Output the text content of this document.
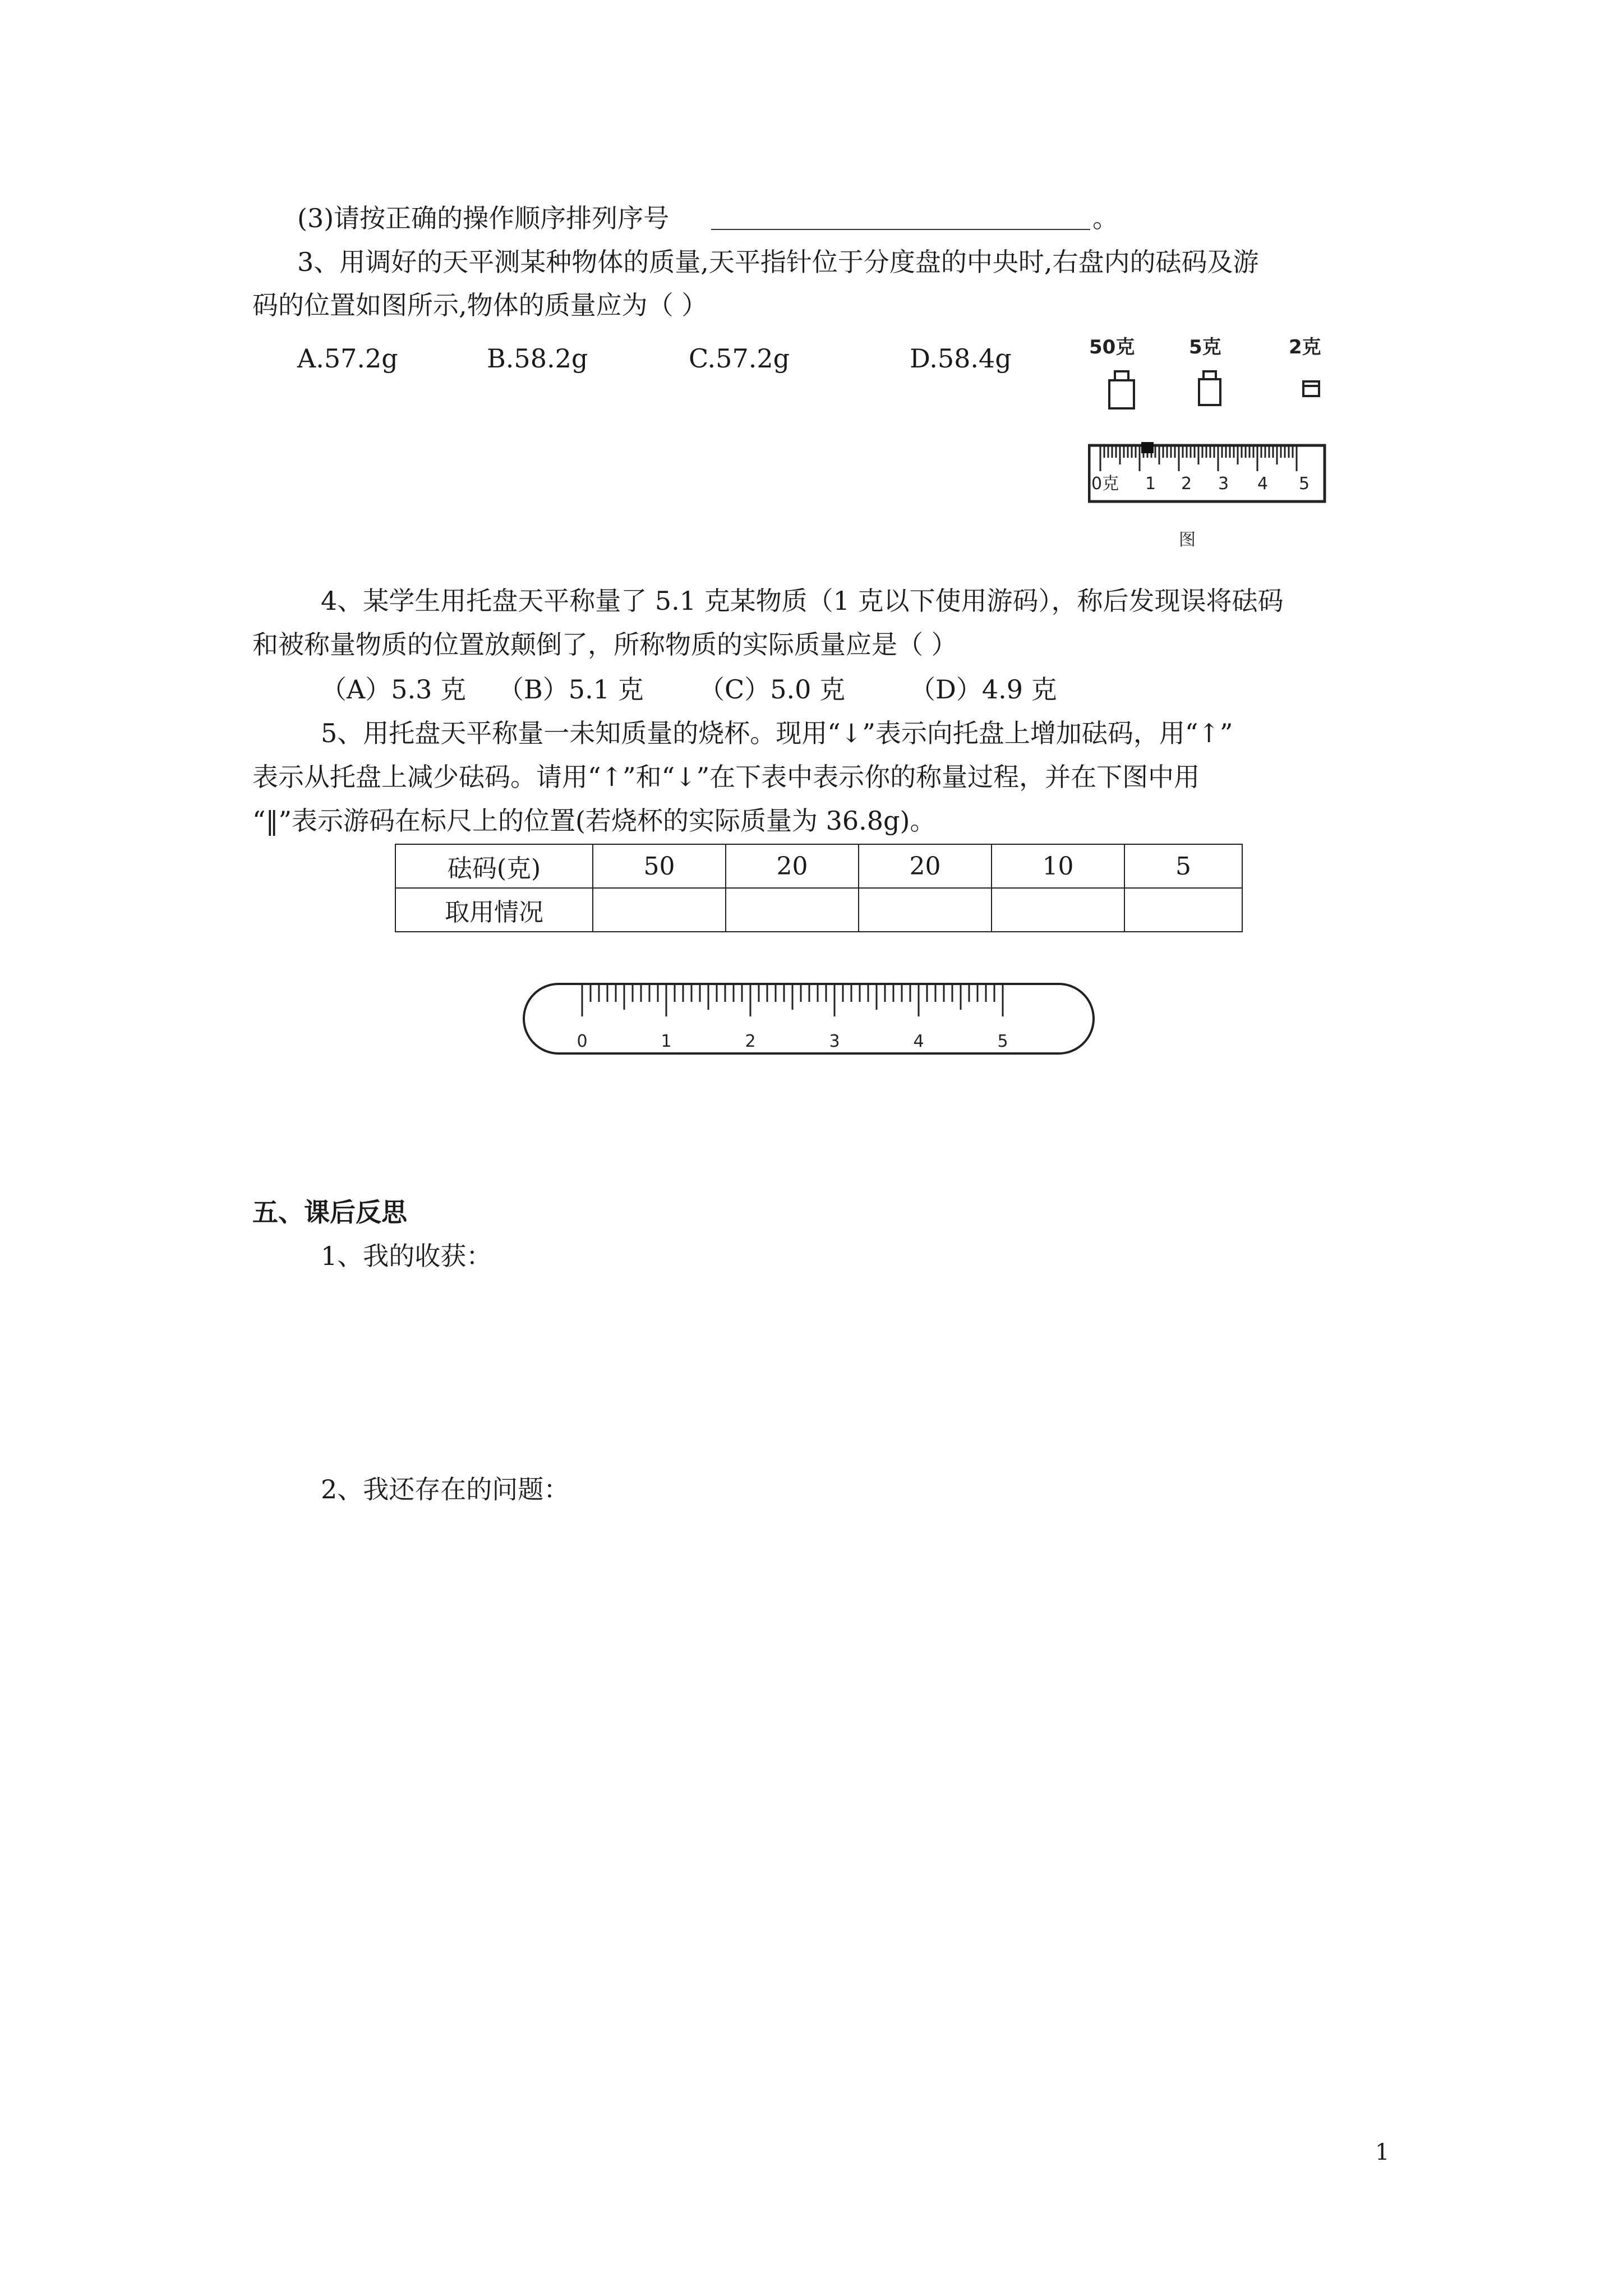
(3)请按正确的操作顺序排列序号	。
3、用调好的天平测某种物体的质量,天平指针位于分度盘的中央时,右盘内的砝码及游
码的位置如图所示,物体的质量应为（ ）
A.57.2g	B.58.2g	C.57.2g	D.58.4g	50克	5克	2克
0克 1 2 3 4 5
图
4、某学生用托盘天平称量了 5.1 克某物质（1 克以下使用游码），称后发现误将砝码
和被称量物质的位置放颠倒了，所称物质的实际质量应是（ ）
（A）5.3 克 （B）5.1 克 （C）5.0 克	（D）4.9 克
5、用托盘天平称量一未知质量的烧杯。现用“↓”表示向托盘上增加砝码，用“↑”
表示从托盘上减少砝码。请用“↑”和“↓”在下表中表示你的称量过程，并在下图中用
“‖”表示游码在标尺上的位置(若烧杯的实际质量为 36.8g)。
砝码(克)	50	20	20	10	5
取用情况					
0	1	2	3	4	5
五、课后反思
1、我的收获：
2、我还存在的问题：
1
